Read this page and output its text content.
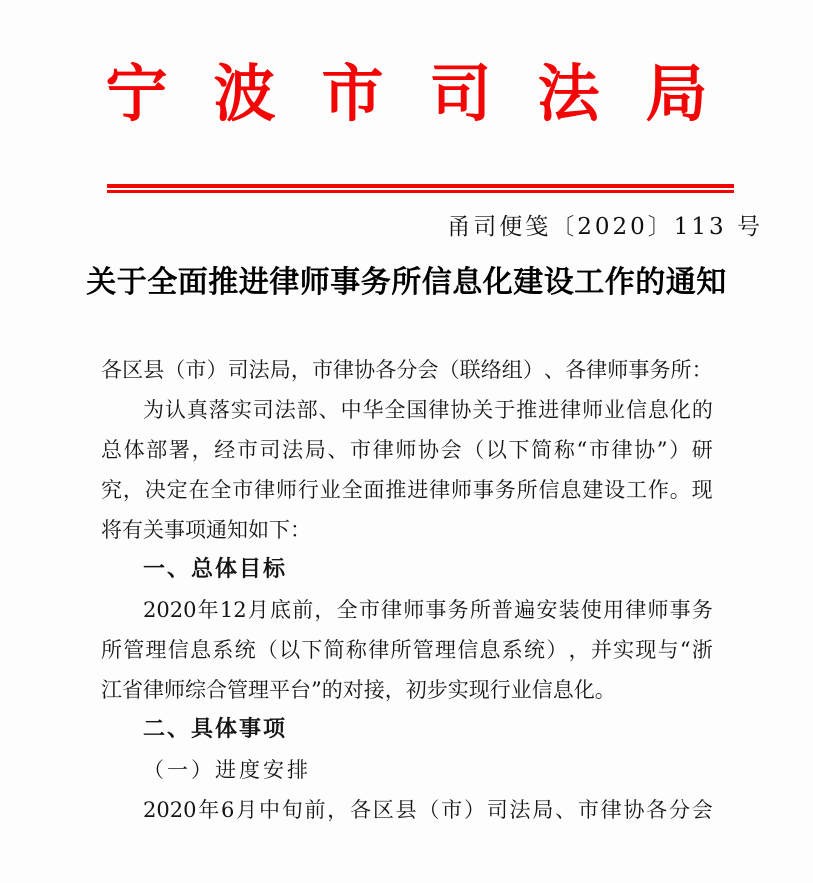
宁波市司法局
甬司便笺〔2020〕113 号
关于全面推进律师事务所信息化建设工作的通知
各 区 县 （ 市 ） 司 法 局 ， 市 律 协 各 分 会 （ 联 络 组 ） 、 各 律 师 事 务 所 ：
为 认 真 落 实 司 法 部 、 中 华 全 国 律 协 关 于 推 进 律 师 业 信 息 化 的
总 体 部 署 ， 经 市 司 法 局 、 市 律 师 协 会 （ 以 下 简 称 “ 市 律 协 ” ） 研
究 ， 决 定 在 全 市 律 师 行 业 全 面 推 进 律 师 事 务 所 信 息 建 设 工 作 。 现
将有关事项通知如下：
一、总体目标
2020 年 12 月 底 前 ， 全 市 律 师 事 务 所 普 遍 安 装 使 用 律 师 事 务
所 管 理 信 息 系 统 （ 以 下 简 称 律 所 管 理 信 息 系 统 ） ， 并 实 现 与 “ 浙
江省律师综合管理平台”的对接，初步实现行业信息化。
二、具体事项
（一）进度安排
2020 年 6 月 中 旬 前 ， 各 区 县 （ 市 ） 司 法 局 、 市 律 协 各 分 会
